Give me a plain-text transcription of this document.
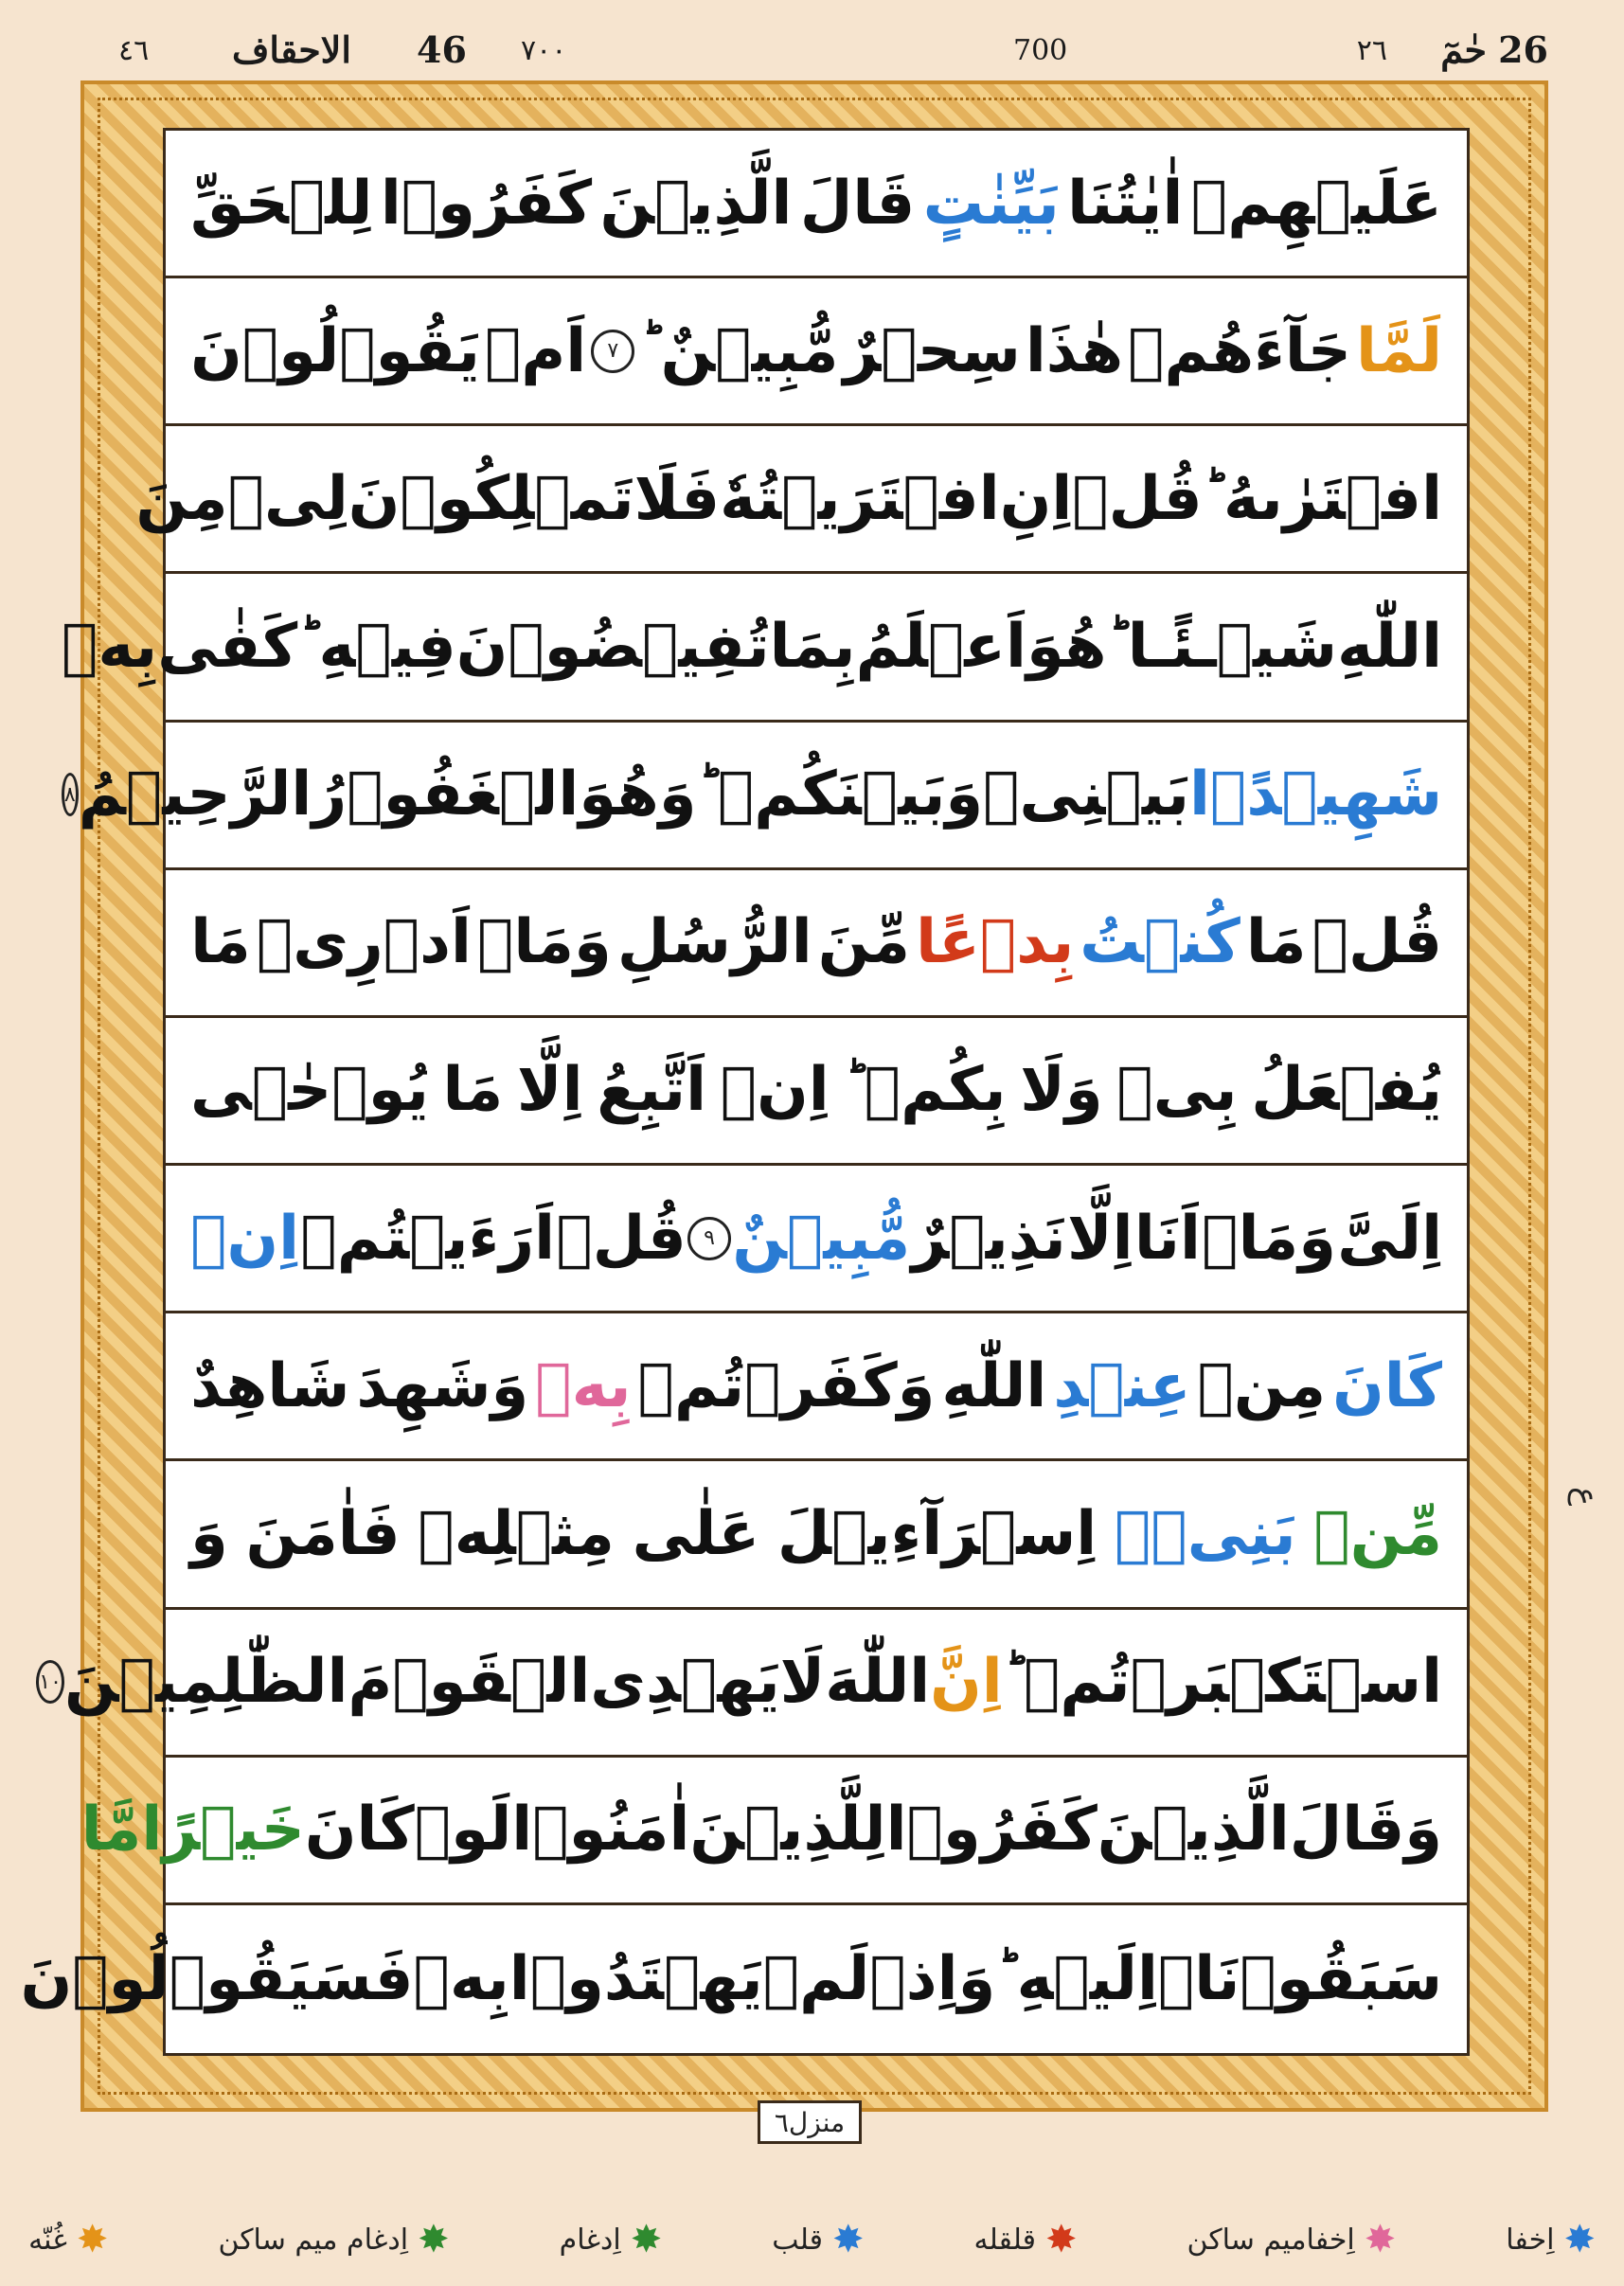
26
حٰمٓ
٢٦
700
٧٠٠
46
الاحقاف
٤٦
عَلَيۡهِمۡ
اٰيٰتُنَا
بَيِّنٰتٍ
قَالَ
الَّذِيۡنَ
كَفَرُوۡا
لِلۡحَقِّ
لَمَّا
جَآءَهُمۡ
هٰذَا
سِحۡرٌ
مُّبِيۡنٌ ؕ
٧
اَمۡ
يَقُوۡلُوۡنَ
افۡتَرٰٮهُ ؕ
قُلۡ
اِنِ
افۡتَرَيۡتُهٗ
فَلَا
تَمۡلِكُوۡنَ
لِىۡ
مِنَ
اللّٰهِ
شَيۡـئًـا ؕ
هُوَ
اَعۡلَمُ
بِمَا
تُفِيۡضُوۡنَ
فِيۡهِ ؕ
كَفٰى
بِهٖ
شَهِيۡدًۢا
بَيۡنِىۡ
وَبَيۡنَكُمۡ ؕ
وَهُوَ
الۡغَفُوۡرُ
الرَّحِيۡمُ
٨
قُلۡ
مَا
كُنۡتُ
بِدۡعًا
مِّنَ
الرُّسُلِ
وَمَاۤ
اَدۡرِىۡ
مَا
يُفۡعَلُ
بِىۡ
وَلَا
بِكُمۡ ؕ
اِنۡ
اَتَّبِعُ
اِلَّا
مَا
يُوۡحٰۤى
اِلَىَّ
وَمَاۤ
اَنَا
اِلَّا
نَذِيۡرٌ
مُّبِيۡنٌ
٩
قُلۡ
اَرَءَيۡتُمۡ
اِنۡ
كَانَ
مِنۡ
عِنۡدِ
اللّٰهِ
وَكَفَرۡتُمۡ
بِهٖ
وَشَهِدَ
شَاهِدٌ
مِّنۡ
بَنِىۡۤ
اِسۡرَآءِيۡلَ
عَلٰى
مِثۡلِهٖ
فَاٰمَنَ
وَ
اسۡتَكۡبَرۡتُمۡ ؕ
اِنَّ
اللّٰهَ
لَا
يَهۡدِى
الۡقَوۡمَ
الظّٰلِمِيۡنَ
١٠
وَقَالَ
الَّذِيۡنَ
كَفَرُوۡا
لِلَّذِيۡنَ
اٰمَنُوۡا
لَوۡ
كَانَ
خَيۡرًا
مَّا
سَبَقُوۡنَاۤ
اِلَيۡهِ ؕ
وَاِذۡ
لَمۡ
يَهۡتَدُوۡا
بِهٖ
فَسَيَقُوۡلُوۡنَ
ع
منزل٦
✸
اِخفا
✸
اِخفامیم ساکن
✸
قلقله
✸
قلب
✸
اِدغام
✸
اِدغام میم ساکن
✸
غُنّه
